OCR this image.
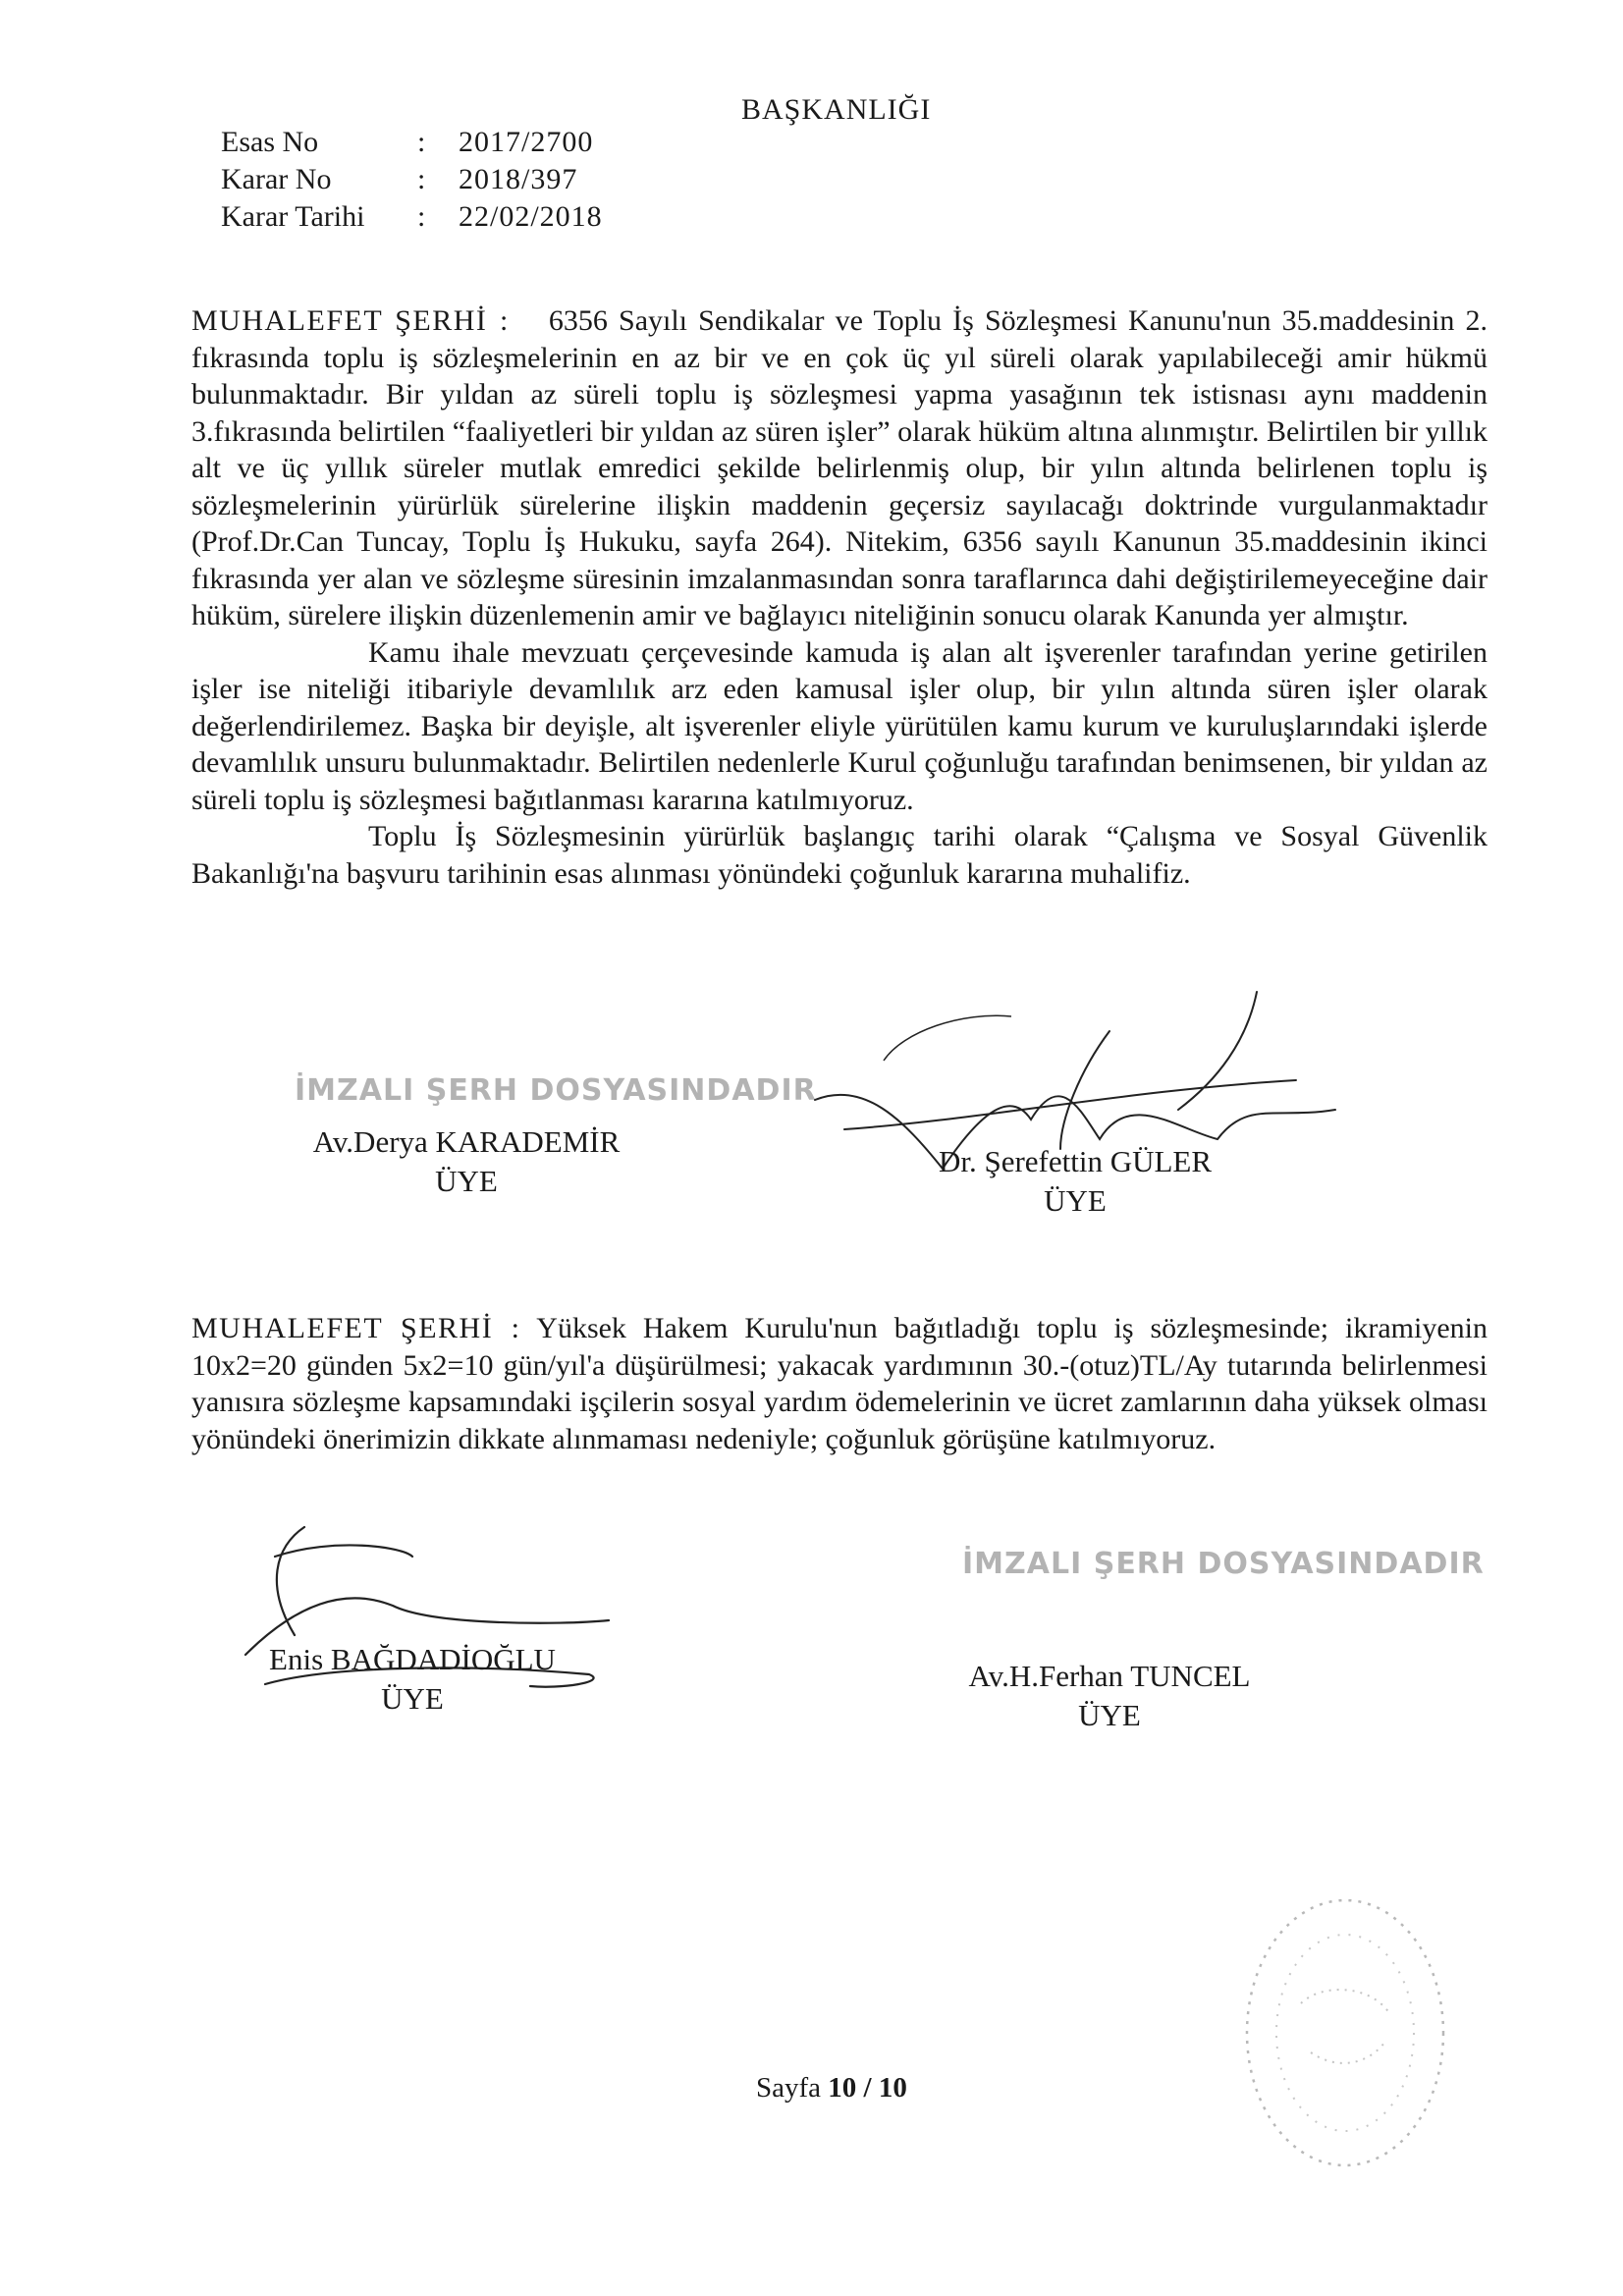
BAŞKANLIĞI
Esas No	: 2017/2700
Karar No	: 2018/397
Karar Tarihi : 22/02/2018

MUHALEFET ŞERHİ : 6356 Sayılı Sendikalar ve Toplu İş Sözleşmesi Kanunu'nun 35.maddesinin 2. fıkrasında toplu iş sözleşmelerinin en az bir ve en çok üç yıl süreli olarak yapılabileceği amir hükmü bulunmaktadır. Bir yıldan az süreli toplu iş sözleşmesi yapma yasağının tek istisnası aynı maddenin 3.fıkrasında belirtilen “faaliyetleri bir yıldan az süren işler” olarak hüküm altına alınmıştır. Belirtilen bir yıllık alt ve üç yıllık süreler mutlak emredici şekilde belirlenmiş olup, bir yılın altında belirlenen toplu iş sözleşmelerinin yürürlük sürelerine ilişkin maddenin geçersiz sayılacağı doktrinde vurgulanmaktadır (Prof.Dr.Can Tuncay, Toplu İş Hukuku, sayfa 264). Nitekim, 6356 sayılı Kanunun 35.maddesinin ikinci fıkrasında yer alan ve sözleşme süresinin imzalanmasından sonra taraflarınca dahi değiştirilemeyeceğine dair hüküm, sürelere ilişkin düzenlemenin amir ve bağlayıcı niteliğinin sonucu olarak Kanunda yer almıştır.

Kamu ihale mevzuatı çerçevesinde kamuda iş alan alt işverenler tarafından yerine getirilen işler ise niteliği itibariyle devamlılık arz eden kamusal işler olup, bir yılın altında süren işler olarak değerlendirilemez. Başka bir deyişle, alt işverenler eliyle yürütülen kamu kurum ve kuruluşlarındaki işlerde devamlılık unsuru bulunmaktadır. Belirtilen nedenlerle Kurul çoğunluğu tarafından benimsenen, bir yıldan az süreli toplu iş sözleşmesi bağıtlanması kararına katılmıyoruz.

Toplu İş Sözleşmesinin yürürlük başlangıç tarihi olarak “Çalışma ve Sosyal Güvenlik Bakanlığı'na başvuru tarihinin esas alınması yönündeki çoğunluk kararına muhalifiz.

İMZALI ŞERH DOSYASINDADIR
Av.Derya KARADEMİR
ÜYE
Dr. Şerefettin GÜLER
ÜYE

MUHALEFET ŞERHİ : Yüksek Hakem Kurulu'nun bağıtladığı toplu iş sözleşmesinde; ikramiyenin 10x2=20 günden 5x2=10 gün/yıl'a düşürülmesi; yakacak yardımının 30.-(otuz)TL/Ay tutarında belirlenmesi yanısıra sözleşme kapsamındaki işçilerin sosyal yardım ödemelerinin ve ücret zamlarının daha yüksek olması yönündeki önerimizin dikkate alınmaması nedeniyle; çoğunluk görüşüne katılmıyoruz.

Enis BAĞDADİOĞLU
ÜYE
İMZALI ŞERH DOSYASINDADIR
Av.H.Ferhan TUNCEL
ÜYE
Sayfa 10 / 10
